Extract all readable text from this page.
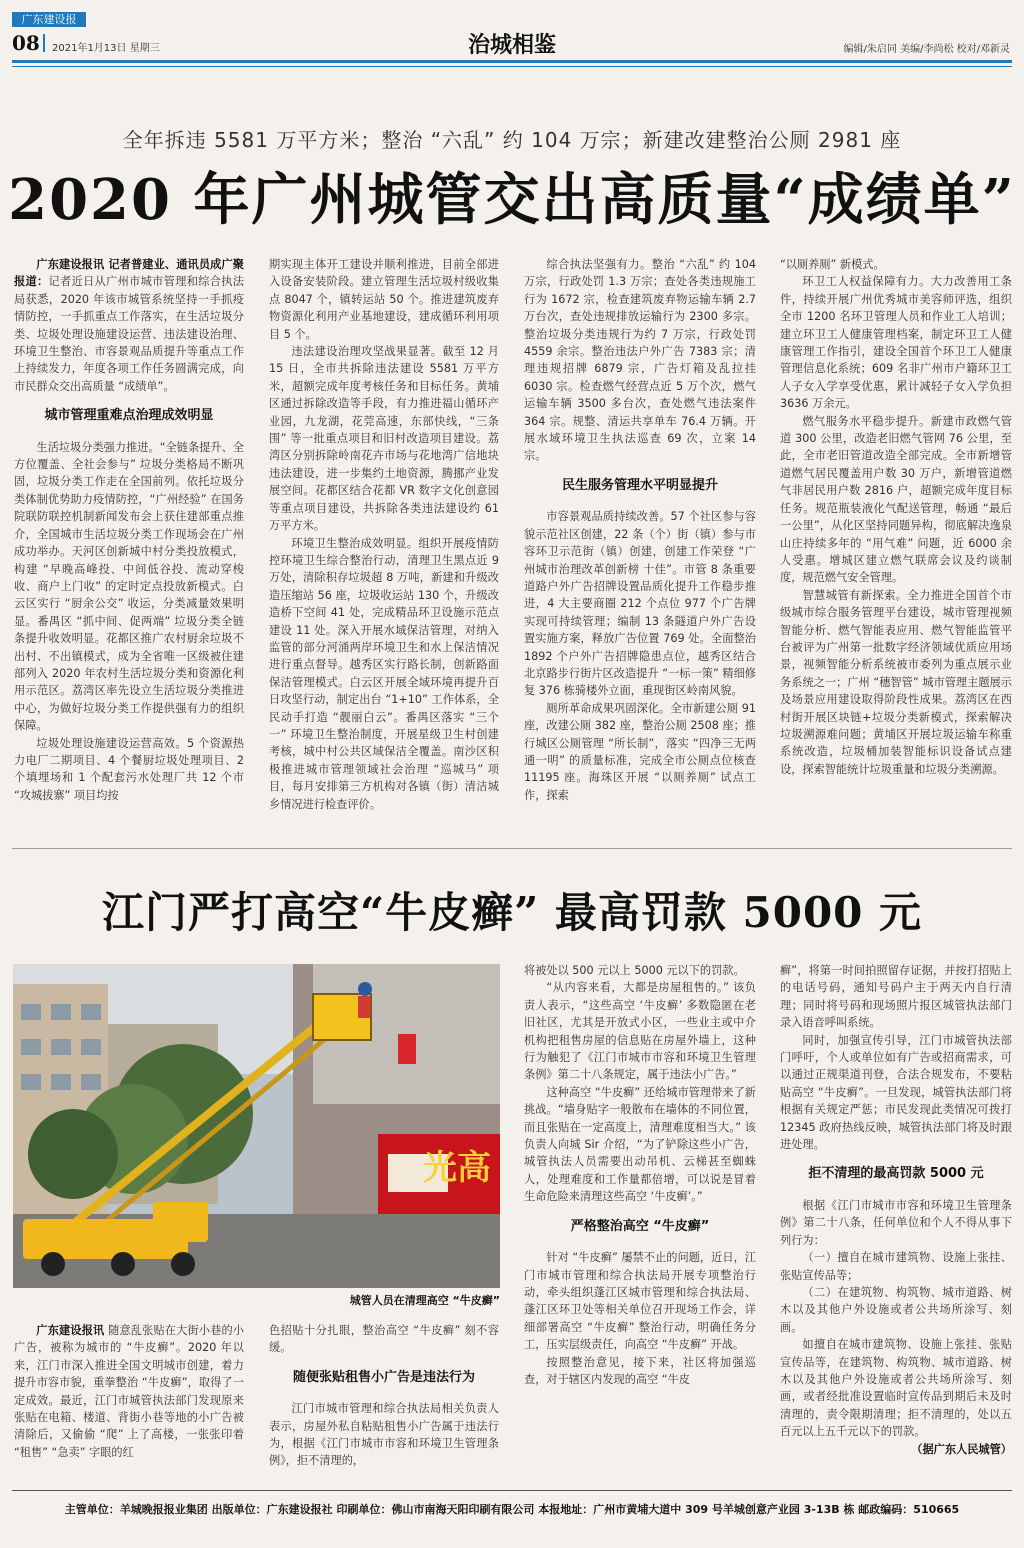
广东建设报
08 2021年1月13日 星期三	治城相鉴	编辑/朱启同 美编/李尚松 校对/邓新灵
全年拆违 5581 万平方米；整治 “六乱” 约 104 万宗；新建改建整治公厕 2981 座
2020 年广州城管交出高质量“成绩单”

广东建设报讯 记者普建业、通讯员成广聚报道：记者近日从广州市城市管理和综合执法局获悉，2020 年该市城管系统坚持一手抓疫情防控，一手抓重点工作落实，在生活垃圾分类、垃圾处理设施建设运营、违法建设治理、环境卫生整治、市容景观品质提升等重点工作上持续发力，年度各项工作任务圆满完成，向市民群众交出高质量 “成绩单”。

城市管理重难点治理成效明显

生活垃圾分类强力推进。“全链条提升、全方位覆盖、全社会参与” 垃圾分类格局不断巩固，垃圾分类工作走在全国前列。依托垃圾分类体制优势助力疫情防控，“广州经验” 在国务院联防联控机制新闻发布会上获住建部重点推介，全国城市生活垃圾分类工作现场会在广州成功举办。天河区创新城中村分类投放模式，构建 “早晚高峰投、中间低谷投、流动穿梭收、商户上门收” 的定时定点投放新模式。白云区实行 “厨余公交” 收运，分类减量效果明显。番禺区 “抓中间、促两端” 垃圾分类全链条提升收效明显。花都区推广农村厨余垃圾不出村、不出镇模式，成为全省唯一区级被住建部列入 2020 年农村生活垃圾分类和资源化利用示范区。荔湾区率先设立生活垃圾分类推进中心，为做好垃圾分类工作提供强有力的组织保障。

垃圾处理设施建设运营高效。5 个资源热力电厂二期项目、4 个餐厨垃圾处理项目、2 个填埋场和 1 个配套污水处理厂共 12 个市 “攻城拔寨” 项目均按

期实现主体开工建设并顺利推进，目前全部进入设备安装阶段。建立管理生活垃圾村级收集点 8047 个，镇转运站 50 个。推进建筑废弃物资源化利用产业基地建设，建成循环利用项目 5 个。

违法建设治理攻坚战果显著。截至 12 月 15 日，全市共拆除违法建设 5581 万平方米，超额完成年度考核任务和目标任务。黄埔区通过拆除改造等手段，有力推进福山循环产业园，九龙湖，花莞高速，东部快线，“三条围” 等一批重点项目和旧村改造项目建设。荔湾区分别拆除岭南花卉市场与花地湾广信地块违法建设，进一步集约土地资源，腾挪产业发展空间。花都区结合花都 VR 数字文化创意园等重点项目建设，共拆除各类违法建设约 61 万平方米。

环境卫生整治成效明显。组织开展疫情防控环境卫生综合整治行动，清理卫生黑点近 9 万处，清除积存垃圾超 8 万吨，新建和升级改造压缩站 56 座，垃圾收运站 130 个，升级改造桥下空间 41 处，完成精品环卫设施示范点建设 11 处。深入开展水域保洁管理，对纳入监管的部分河涌两岸环境卫生和水上保洁情况进行重点督导。越秀区实行路长制，创新路面保洁管理模式。白云区开展全域环境再提升百日攻坚行动，制定出台 “1+10” 工作体系，全民动手打造 “靓丽白云”。番禺区落实 “三个一” 环境卫生整治制度，开展星级卫生村创建考核，城中村公共区域保洁全覆盖。南沙区积极推进城市管理领域社会治理 “巡城马” 项目，每月安排第三方机构对各镇（街）清洁城乡情况进行检查评价。

综合执法坚强有力。整治 “六乱” 约 104 万宗，行政处罚 1.3 万宗；查处各类违规施工行为 1672 宗，检查建筑废弃物运输车辆 2.7 万台次，查处违规排放运输行为 2300 多宗。整治垃圾分类违规行为约 7 万宗，行政处罚 4559 余宗。整治违法户外广告 7383 宗；清理违规招牌 6879 宗，广告灯箱及乱拉挂 6030 宗。检查燃气经营点近 5 万个次，燃气运输车辆 3500 多台次，查处燃气违法案件 364 宗。规整、清运共享单车 76.4 万辆。开展水域环境卫生执法巡查 69 次，立案 14 宗。

民生服务管理水平明显提升

市容景观品质持续改善。57 个社区参与容貌示范社区创建，22 条（个）街（镇）参与市容环卫示范街（镇）创建，创建工作荣登 “广州城市治理改革创新榜 十佳”。市管 8 条重要道路户外广告招牌设置品质化提升工作稳步推进，4 大主要商圈 212 个点位 977 个广告牌实现可持续管理；编制 13 条隧道户外广告设置实施方案，释放广告位置 769 处。全面整治 1892 个户外广告招牌隐患点位，越秀区结合北京路步行街片区改造提升 “一标一策” 精细修复 376 栋骑楼外立面，重现街区岭南风貌。

厕所革命成果巩固深化。全市新建公厕 91 座，改建公厕 382 座，整治公厕 2508 座；推行城区公厕管理 “所长制”，落实 “四净三无两通一明” 的质量标准，完成全市公厕点位核查 11195 座。海珠区开展 “以厕养厕” 试点工作，探索

“以厕养厕” 新模式。

环卫工人权益保障有力。大力改善用工条件，持续开展广州优秀城市美容师评选，组织全市 1200 名环卫管理人员和作业工人培训；建立环卫工人健康管理档案，制定环卫工人健康管理工作指引，建设全国首个环卫工人健康管理信息化系统；609 名非广州市户籍环卫工人子女入学享受优惠，累计减轻子女入学负担 3636 万余元。

燃气服务水平稳步提升。新建市政燃气管道 300 公里，改造老旧燃气管网 76 公里，至此，全市老旧管道改造全部完成。全市新增管道燃气居民覆盖用户数 30 万户，新增管道燃气非居民用户数 2816 户，超额完成年度目标任务。规范瓶装液化气配送管理，畅通 “最后一公里”，从化区坚持同题异构，彻底解决逸泉山庄持续多年的 “用气难” 问题，近 6000 余人受惠。增城区建立燃气联席会议及约谈制度，规范燃气安全管理。

智慧城管有新探索。全力推进全国首个市级城市综合服务管理平台建设，城市管理视频智能分析、燃气智能表应用、燃气智能监管平台被评为广州第一批数字经济领域优质应用场景，视频智能分析系统被市委列为重点展示业务系统之一；广州 “穗智管” 城市管理主题展示及场景应用建设取得阶段性成果。荔湾区在西村街开展区块链+垃圾分类新模式，探索解决垃圾溯源难问题；黄埔区开展垃圾运输车称重系统改造，垃圾桶加装智能标识设备试点建设，探索智能统计垃圾重量和垃圾分类溯源。

江门严打高空“牛皮癣” 最高罚款 5000 元
光高
城管人员在清理高空 “牛皮癣”

广东建设报讯 随意乱张贴在大街小巷的小广告，被称为城市的 “牛皮癣”。2020 年以来，江门市深入推进全国文明城市创建，着力提升市容市貌，重拳整治 “牛皮癣”，取得了一定成效。最近，江门市城管执法部门发现原来张贴在电箱、楼道、背街小巷等地的小广告被清除后，又偷偷 “爬” 上了高楼，一张张印着 “租售” “急卖” 字眼的红

色招贴十分扎眼，整治高空 “牛皮癣” 刻不容缓。

随便张贴租售小广告是违法行为

江门市城市管理和综合执法局相关负责人表示，房屋外私自粘贴租售小广告属于违法行为，根据《江门市城市市容和环境卫生管理条例》，拒不清理的，

将被处以 500 元以上 5000 元以下的罚款。

“从内容来看，大都是房屋租售的。” 该负责人表示，“这些高空 ‘牛皮癣’ 多数隐匿在老旧社区，尤其是开放式小区，一些业主或中介机构把租售房屋的信息贴在房屋外墙上，这种行为触犯了《江门市城市市容和环境卫生管理条例》第二十八条规定，属于违法小广告。”

这种高空 “牛皮癣” 还给城市管理带来了新挑战。“墙身贴字一般散布在墙体的不同位置，而且张贴在一定高度上，清理难度相当大。” 该负责人向城 Sir 介绍，“为了铲除这些小广告，城管执法人员需要出动吊机、云梯甚至蜘蛛人，处理难度和工作量都倍增，可以说是冒着生命危险来清理这些高空 ‘牛皮癣’。”

严格整治高空 “牛皮癣”

针对 “牛皮癣” 屡禁不止的问题，近日，江门市城市管理和综合执法局开展专项整治行动，牵头组织蓬江区城市管理和综合执法局、蓬江区环卫处等相关单位召开现场工作会，详细部署高空 “牛皮癣” 整治行动，明确任务分工，压实层级责任，向高空 “牛皮癣” 开战。

按照整治意见，接下来，社区将加强巡查，对于辖区内发现的高空 “牛皮

癣”，将第一时间拍照留存证据，并按打招贴上的电话号码，通知号码户主于两天内自行清理；同时将号码和现场照片报区城管执法部门录入语音呼叫系统。

同时，加强宣传引导，江门市城管执法部门呼吁，个人或单位如有广告或招商需求，可以通过正规渠道刊登，合法合规发布，不要粘贴高空 “牛皮癣”。一旦发现，城管执法部门将根据有关规定严惩；市民发现此类情况可拨打 12345 政府热线反映，城管执法部门将及时跟进处理。

拒不清理的最高罚款 5000 元

根据《江门市城市市容和环境卫生管理条例》第二十八条，任何单位和个人不得从事下列行为：

（一）擅自在城市建筑物、设施上张挂、张贴宣传品等；

（二）在建筑物、构筑物、城市道路、树木以及其他户外设施或者公共场所涂写、刻画。

如擅自在城市建筑物、设施上张挂、张贴宣传品等，在建筑物、构筑物、城市道路、树木以及其他户外设施或者公共场所涂写、刻画，或者经批准设置临时宣传品到期后未及时清理的，责令限期清理；拒不清理的，处以五百元以上五千元以下的罚款。

（据广东人民城管）

主管单位：羊城晚报报业集团 出版单位：广东建设报社 印刷单位：佛山市南海天阳印刷有限公司 本报地址：广州市黄埔大道中 309 号羊城创意产业园 3-13B 栋 邮政编码：510665
